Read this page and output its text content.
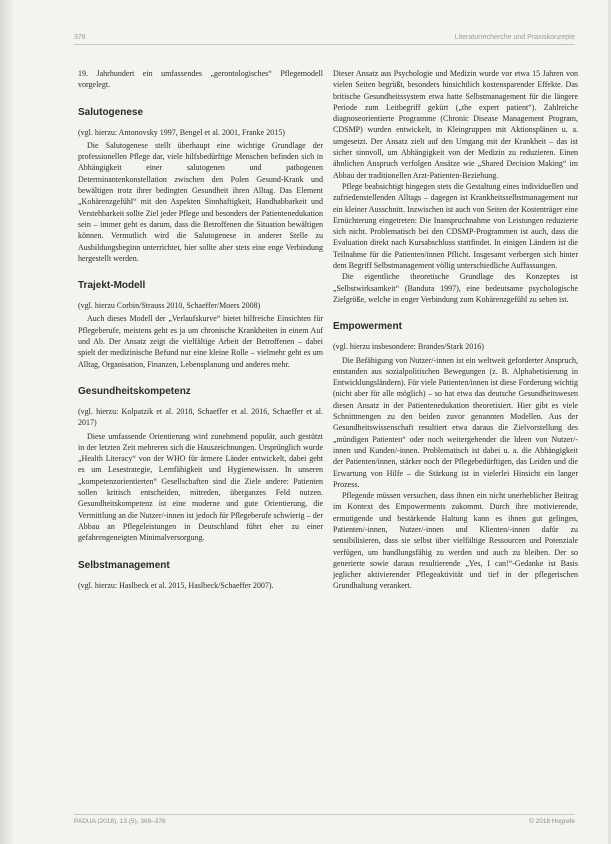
378	Literaturrecherche und Praxiskonzepte

19. Jahrhundert ein umfassendes „gerontologisches“ Pflegemodell vorgelegt.

Salutogenese

(vgl. hierzu: Antonovsky 1997, Bengel et al. 2001, Franke 2015)

Die Salutogenese stellt überhaupt eine wichtige Grundlage der professionellen Pflege dar, viele hilfsbedürftige Menschen befinden sich in Abhängigkeit einer salutogenen und pathogenen Determinantenkonstellation zwischen den Polen Gesund-Krank und bewältigen trotz ihrer bedingten Gesundheit ihren Alltag. Das Element „Kohärenzgefühl“ mit den Aspekten Sinnhaftigkeit, Handhabbarkeit und Verstehbarkeit sollte Ziel jeder Pflege und besonders der Patientenedukation sein – immer geht es darum, dass die Betroffenen die Situation bewältigen können. Vermutlich wird die Salutogenese in anderer Stelle zu Ausbildungsbeginn unterrichtet, hier sollte aber stets eine enge Verbindung hergestellt werden.

Trajekt-Modell

(vgl. hierzu Corbin/Strauss 2010, Schaeffer/Moers 2008)

Auch dieses Modell der „Verlaufskurve“ bietet hilfreiche Einsichten für Pflegeberufe, meistens geht es ja um chronische Krankheiten in einem Auf und Ab. Der Ansatz zeigt die vielfältige Arbeit der Betroffenen – dabei spielt der medizinische Befund nur eine kleine Rolle – vielmehr geht es um Alltag, Organisation, Finanzen, Lebensplanung und anderes mehr.

Gesundheitskompetenz

(vgl. hierzu: Kolpatzik et al. 2018, Schaeffer et al. 2016, Schaeffer et al. 2017)

Diese umfassende Orientierung wird zunehmend populär, auch gestützt in der letzten Zeit mehreren sich die Hauszeichnungen. Ursprünglich wurde „Health Literacy“ von der WHO für ärmere Länder entwickelt, dabei geht es um Lesestrategie, Lernfähigkeit und Hygienewissen. In unseren „kompetenzorientierten“ Gesellschaften sind die Ziele andere: Patienten sollen kritisch entscheiden, mitreden, überganzes Feld nutzen. Gesundheitskompetenz ist eine moderne und gute Orientierung, die Vermittlung an die Nutzer/-innen ist jedoch für Pflegeberufe schwierig – der Abbau an Pflegeleistungen in Deutschland führt eher zu einer gefahrengeneigten Minimalversorgung.

Selbstmanagement

(vgl. hierzu: Haslbeck et al. 2015, Haslbeck/Schaeffer 2007).

Dieser Ansatz aus Psychologie und Medizin wurde vor etwa 15 Jahren von vielen Seiten begrüßt, besonders hinsichtlich kostensparender Effekte. Das britische Gesundheitssystem etwa hatte Selbstmanagement für die längere Periode zum Leitbegriff gekürt („the expert patient“). Zahlreiche diagnoseorientierte Programme (Chronic Disease Management Program, CDSMP) wurden entwickelt, in Kleingruppen mit Aktionsplänen u. a. umgesetzt. Der Ansatz zielt auf den Umgang mit der Krankheit – das ist sicher sinnvoll, um Abhängigkeit von der Medizin zu reduzieren. Einen ähnlichen Anspruch verfolgen Ansätze wie „Shared Decision Making“ im Abbau der traditionellen Arzt-Patienten-Beziehung.

Pflege beabsichtigt hingegen stets die Gestaltung eines individuellen und zufriedenstellenden Alltags – dagegen ist Krankheitsselbstmanagement nur ein kleiner Ausschnitt. Inzwischen ist auch von Seiten der Kostenträger eine Ernüchterung eingetreten: Die Inanspruchnahme von Leistungen reduzierte sich nicht. Problematisch bei den CDSMP-Programmen ist auch, dass die Evaluation direkt nach Kursabschluss stattfindet. In einigen Ländern ist die Teilnahme für die Patienten/innen Pflicht. Insgesamt verbergen sich hinter dem Begriff Selbstmanagement völlig unterschiedliche Auffassungen.

Die eigentliche theoretische Grundlage des Konzeptes ist „Selbstwirksamkeit“ (Bandura 1997), eine bedeutsame psychologische Zielgröße, welche in enger Verbindung zum Kohärenzgefühl zu sehen ist.

Empowerment

(vgl. hierzu insbesondere: Brandes/Stark 2016)

Die Befähigung von Nutzer/-innen ist ein weltweit geforderter Anspruch, entstanden aus sozialpolitischen Bewegungen (z. B. Alphabetisierung in Entwicklungsländern). Für viele Patienten/innen ist diese Forderung wichtig (nicht aber für alle möglich) – so hat etwa das deutsche Gesundheitswesen diesen Ansatz in der Patientenedukation theoretisiert. Hier gibt es viele Schnittmengen zu den beiden zuvor genannten Modellen. Aus der Gesundheitswissenschaft resultiert etwa daraus die Zielvorstellung des „mündigen Patienten“ oder noch weitergehender die Ideen von Nutzer/-innen und Kunden/-innen. Problematisch ist dabei u. a. die Abhängigkeit der Patienten/innen, stärker noch der Pflegebedürftigen, das Leiden und die Erwartung von Hilfe – die Stärkung ist in vielerlei Hinsicht ein langer Prozess.

Pflegende müssen versuchen, dass ihnen ein nicht unerheblicher Beitrag im Kontext des Empowerments zukommt. Durch ihre motivierende, ermutigende und bestärkende Haltung kann es ihnen gut gelingen, Patienten/-innen, Nutzer/-innen und Klienten/-innen dafür zu sensibilisieren, dass sie selbst über vielfältige Ressourcen und Potenziale verfügen, um handlungsfähig zu werden und auch zu bleiben. Der so generierte sowie daraus resultierende „Yes, I can!“-Gedanke ist Basis jeglicher aktivierender Pflegeaktivität und tief in der pflegerischen Grundhaltung verankert.

PADUA (2018), 13 (5), 369–376	© 2018 Hogrefe
